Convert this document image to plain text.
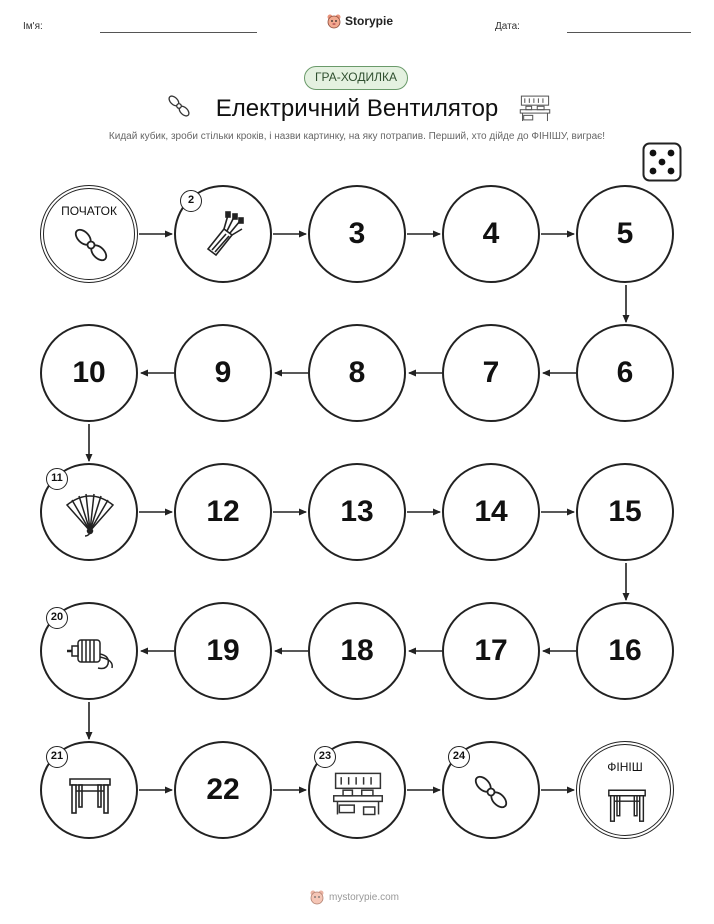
Ім'я:	Storypie	Дата:
ГРА-ХОДИЛКА
Електричний Вентилятор
Кидай кубик, зроби стільки кроків, і назви картинку, на яку потрапив. Перший, хто дійде до ФІНІШУ, виграє!
ПОЧАТОК
2
3	4	5
6
7
8
9
10
11
12	13	14	15
16
17
18
19
20
21
22
23	24
ФІНІШ
mystorypie.com
